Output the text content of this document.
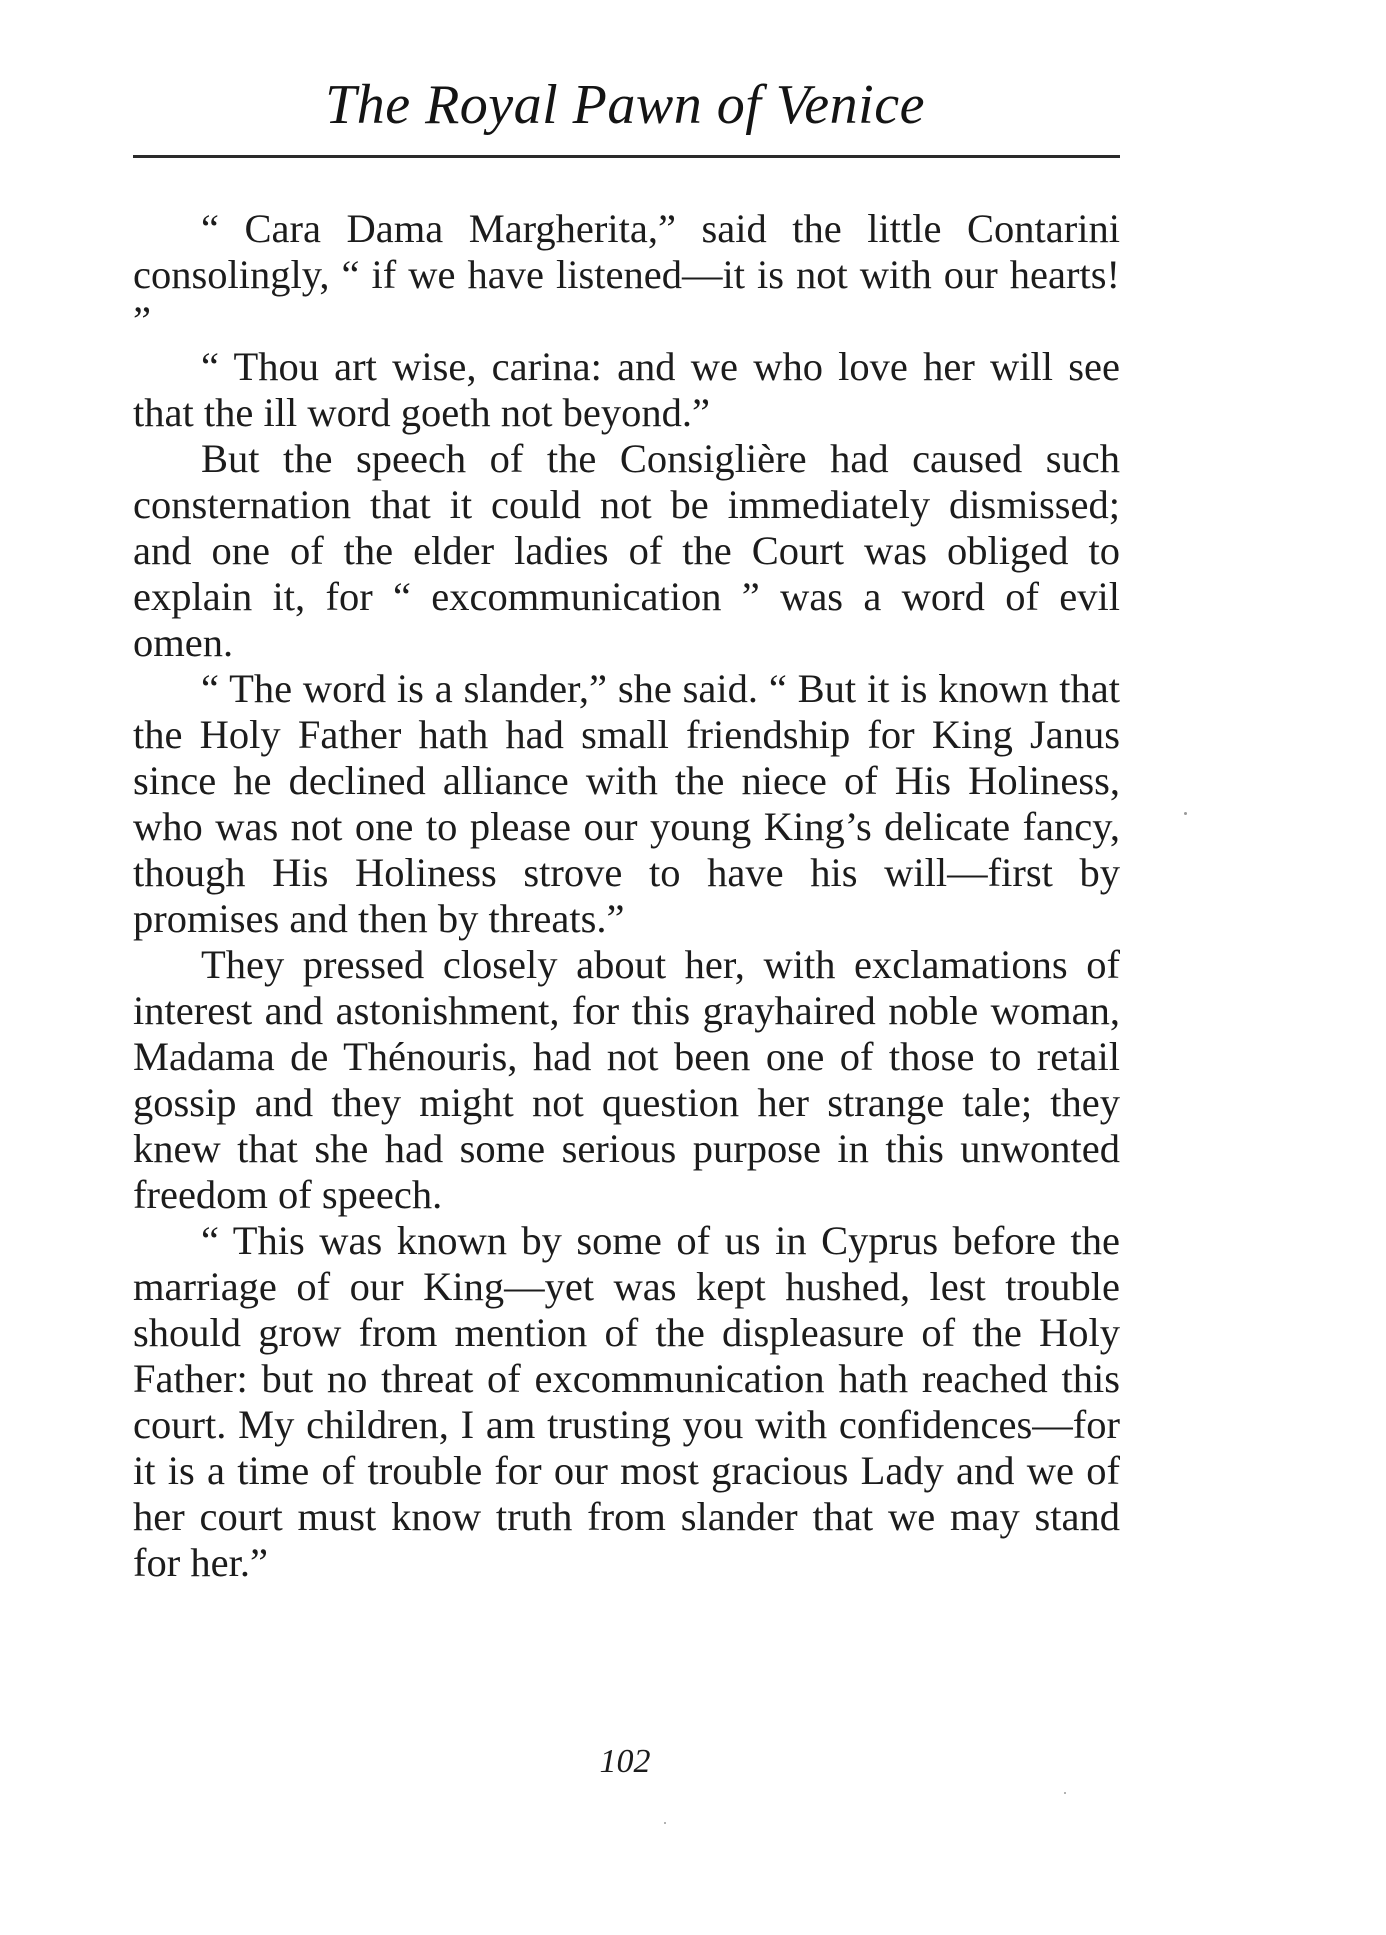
The Royal Pawn of Venice

“ Cara Dama Margherita,” said the little Contarini consolingly, “ if we have listened—it is not with our hearts! ”

“ Thou art wise, carina: and we who love her will see that the ill word goeth not beyond.”

But the speech of the Consiglière had caused such consternation that it could not be immediately dismissed; and one of the elder ladies of the Court was obliged to explain it, for “ excommunication ” was a word of evil omen.

“ The word is a slander,” she said. “ But it is known that the Holy Father hath had small friendship for King Janus since he declined alliance with the niece of His Holiness, who was not one to please our young King’s delicate fancy, though His Holiness strove to have his will—first by promises and then by threats.”

They pressed closely about her, with exclamations of interest and astonishment, for this grayhaired noble woman, Madama de Thénouris, had not been one of those to retail gossip and they might not question her strange tale; they knew that she had some serious purpose in this unwonted freedom of speech.

“ This was known by some of us in Cyprus before the marriage of our King—yet was kept hushed, lest trouble should grow from mention of the displeasure of the Holy Father: but no threat of excommunication hath reached this court. My children, I am trusting you with confidences—for it is a time of trouble for our most gracious Lady and we of her court must know truth from slander that we may stand for her.”

102
